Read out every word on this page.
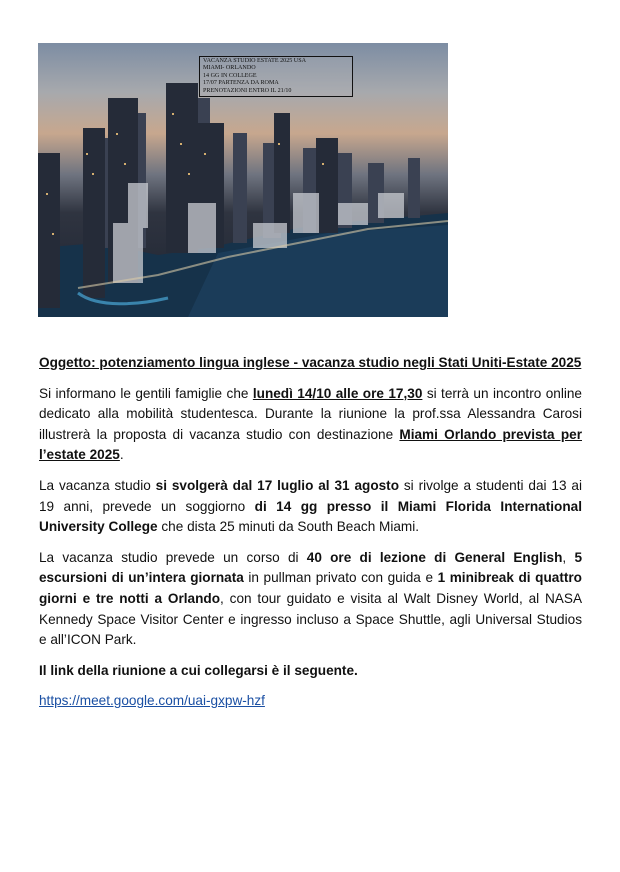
VACANZA STUDIO ESTATE 2025 USA
MIAMI- ORLANDO
14 GG IN COLLEGE
17/07 PARTENZA DA ROMA
PRENOTAZIONI ENTRO IL 21/10

Oggetto: potenziamento lingua inglese - vacanza studio negli Stati Uniti-Estate 2025

Si informano le gentili famiglie che lunedì 14/10 alle ore 17,30 si terrà un incontro online dedicato alla mobilità studentesca. Durante la riunione la prof.ssa Alessandra Carosi illustrerà la proposta di vacanza studio con destinazione Miami Orlando prevista per l’estate 2025.

La vacanza studio si svolgerà dal 17 luglio al 31 agosto si rivolge a studenti dai 13 ai 19 anni, prevede un soggiorno di 14 gg presso il Miami Florida International University College che dista 25 minuti da South Beach Miami.

La vacanza studio prevede un corso di 40 ore di lezione di General English, 5 escursioni di un’intera giornata in pullman privato con guida e 1 minibreak di quattro giorni e tre notti a Orlando, con tour guidato e visita al Walt Disney World, al NASA Kennedy Space Visitor Center e ingresso incluso a Space Shuttle, agli Universal Studios e all’ICON Park.

Il link della riunione a cui collegarsi è il seguente.

https://meet.google.com/uai-gxpw-hzf
